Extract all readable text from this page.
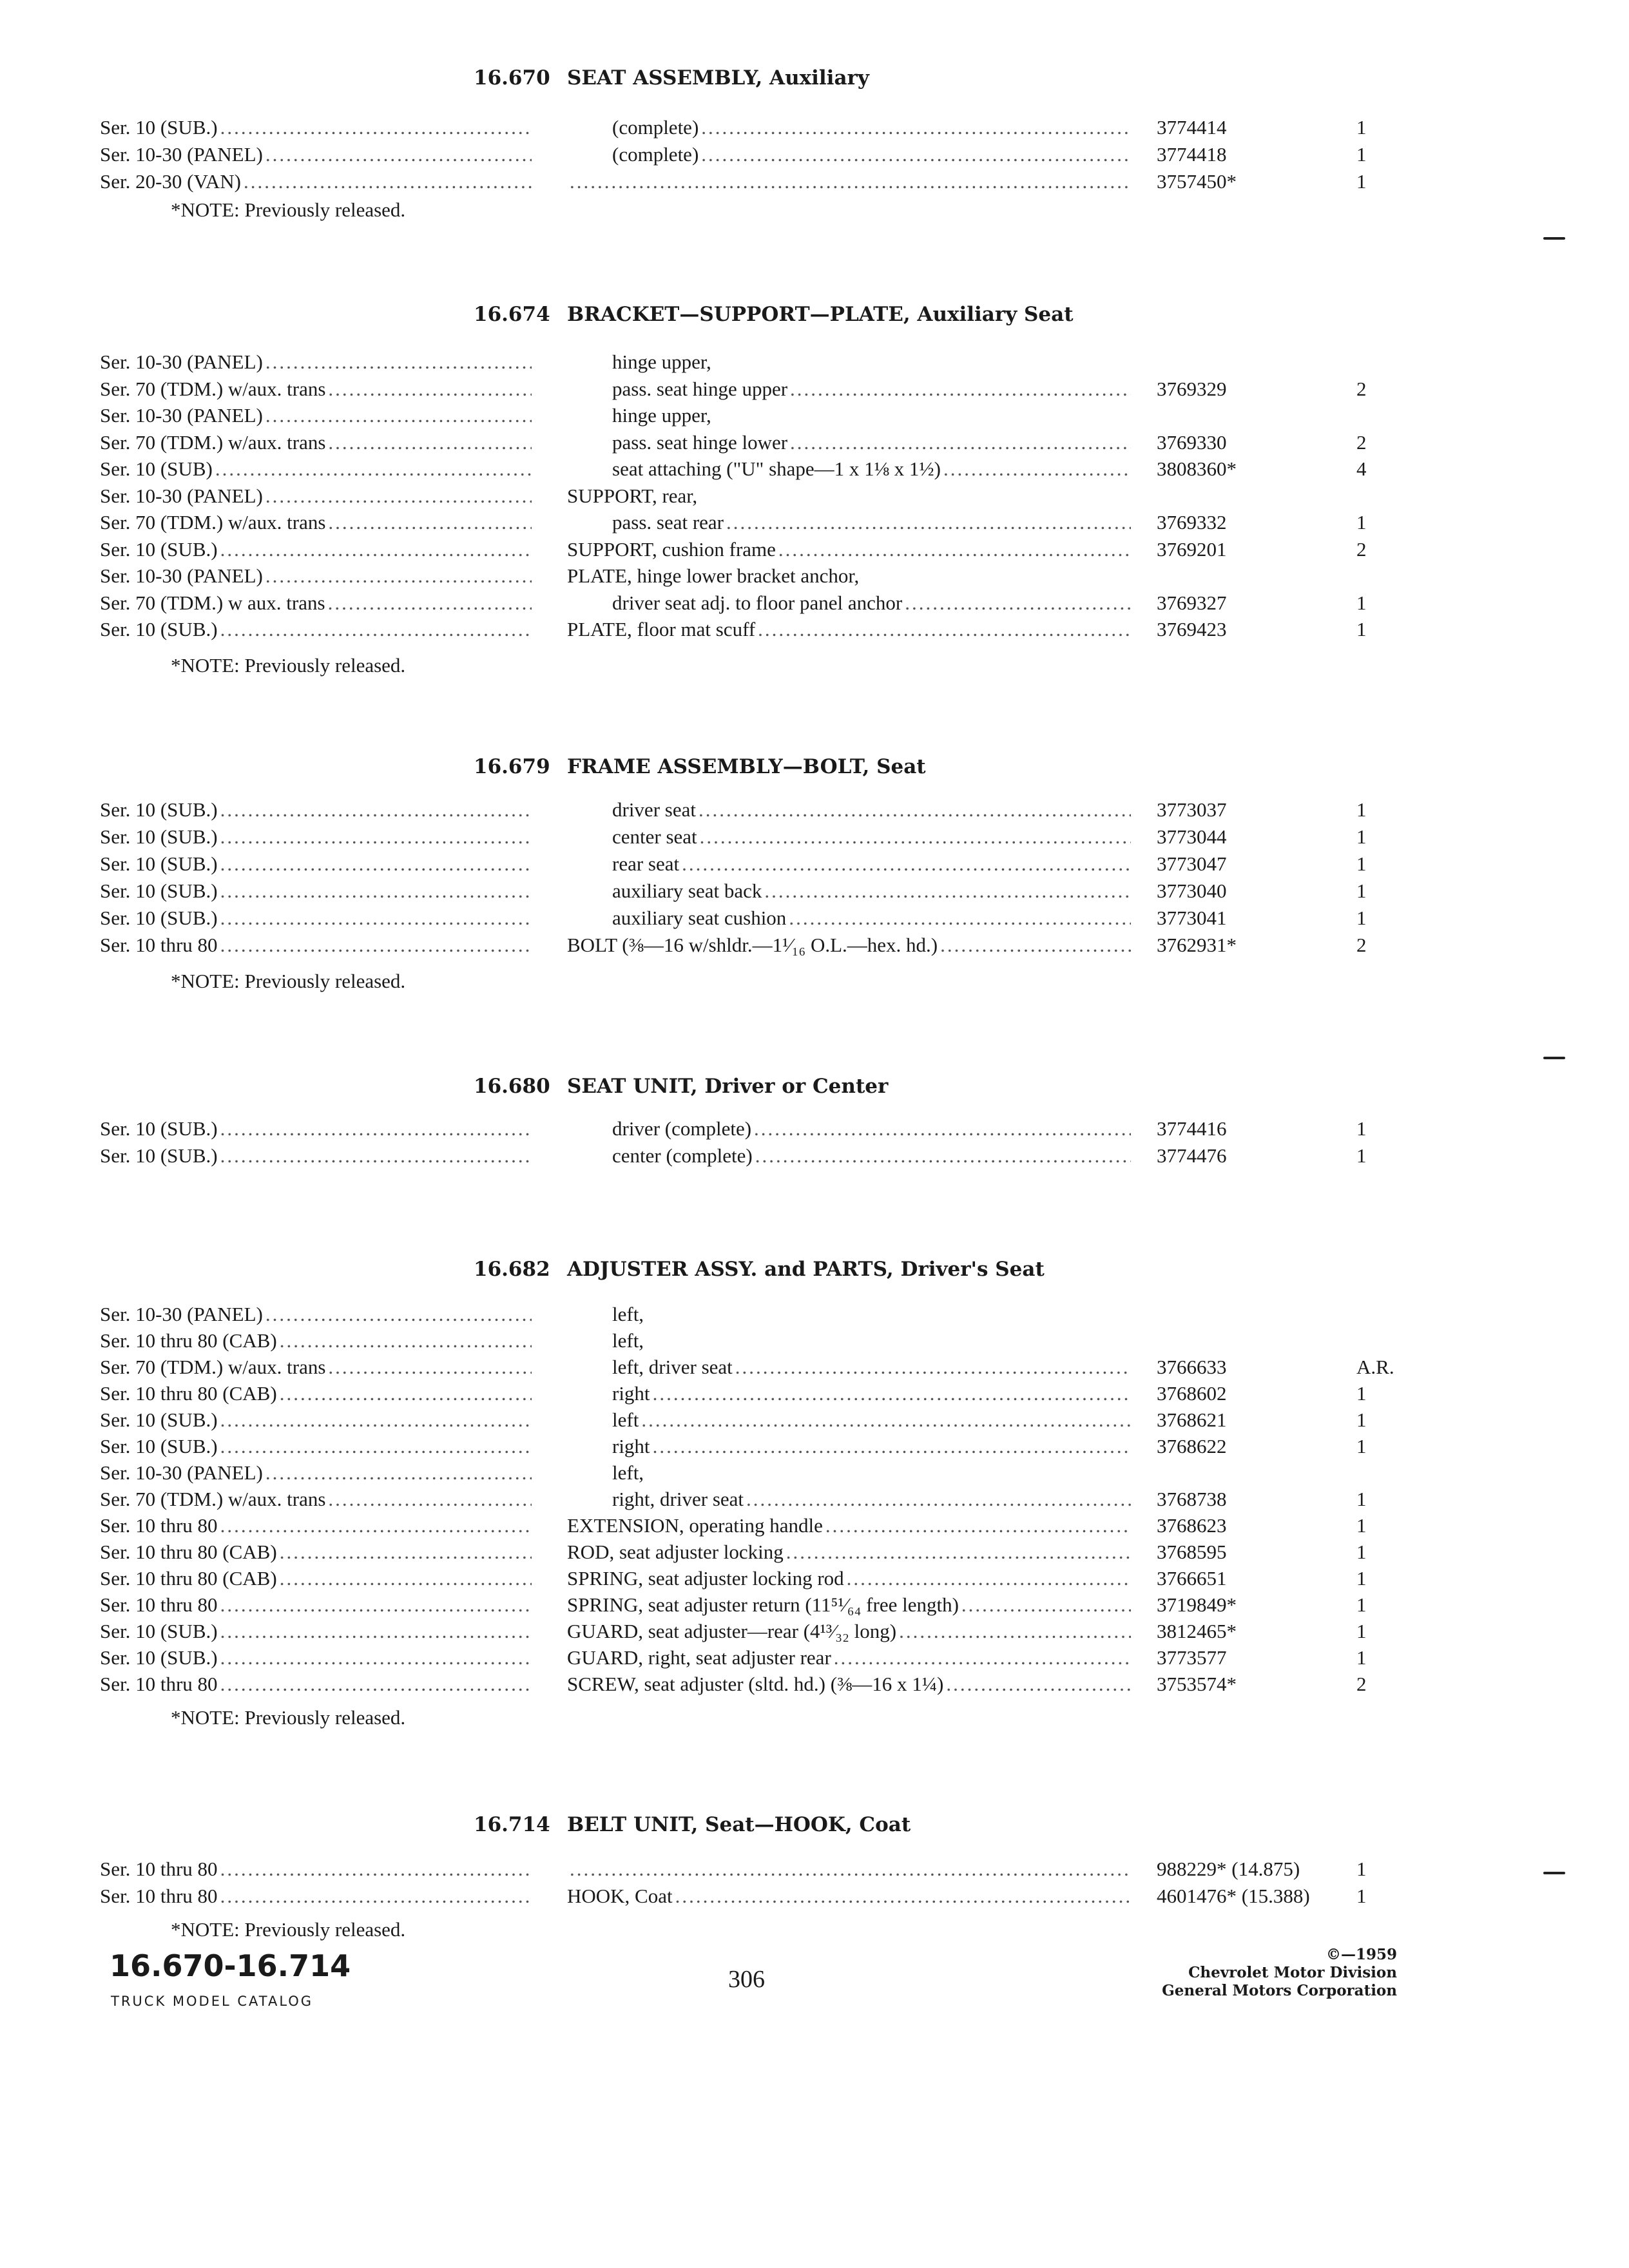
16.670 SEAT ASSEMBLY, Auxiliary
Ser. 10 (SUB.) .....	(complete) .....	3774414	1
Ser. 10-30 (PANEL) .....	(complete) .....	3774418	1
Ser. 20-30 (VAN) ..... .....	3757450*	1
*NOTE: Previously released.
16.674 BRACKET—SUPPORT—PLATE, Auxiliary Seat
Ser. 10-30 (PANEL) .....	hinge upper,
Ser. 70 (TDM.) w/aux. trans .....	pass. seat hinge upper .....	3769329	2
Ser. 10-30 (PANEL) .....	hinge upper,
Ser. 70 (TDM.) w/aux. trans .....	pass. seat hinge lower .....	3769330	2
Ser. 10 (SUB) .....	seat attaching ("U" shape—1 x 1⅛ x 1½) .....	3808360*	4
Ser. 10-30 (PANEL) .....	SUPPORT, rear,
Ser. 70 (TDM.) w/aux. trans .....	pass. seat rear .....	3769332	1
Ser. 10 (SUB.) .....	SUPPORT, cushion frame .....	3769201	2
Ser. 10-30 (PANEL) .....	PLATE, hinge lower bracket anchor,
Ser. 70 (TDM.) w aux. trans .....	driver seat adj. to floor panel anchor .....	3769327	1
Ser. 10 (SUB.) .....	PLATE, floor mat scuff .....	3769423	1
*NOTE: Previously released.
16.679 FRAME ASSEMBLY—BOLT, Seat
Ser. 10 (SUB.) .....	driver seat .....	3773037	1
Ser. 10 (SUB.) .....	center seat .....	3773044	1
Ser. 10 (SUB.) .....	rear seat .....	3773047	1
Ser. 10 (SUB.) .....	auxiliary seat back .....	3773040	1
Ser. 10 (SUB.) .....	auxiliary seat cushion .....	3773041	1
Ser. 10 thru 80 .....	BOLT (⅜—16 w/shldr.—1¹⁄₁₆ O.L.—hex. hd.) .....	3762931*	2
*NOTE: Previously released.
16.680 SEAT UNIT, Driver or Center
Ser. 10 (SUB.) .....	driver (complete) .....	3774416	1
Ser. 10 (SUB.) .....	center (complete) .....	3774476	1
16.682 ADJUSTER ASSY. and PARTS, Driver's Seat
Ser. 10-30 (PANEL) .....	left,
Ser. 10 thru 80 (CAB) .....	left,
Ser. 70 (TDM.) w/aux. trans .....	left, driver seat .....	3766633	A.R.
Ser. 10 thru 80 (CAB) .....	right .....	3768602	1
Ser. 10 (SUB.) .....	left .....	3768621	1
Ser. 10 (SUB.) .....	right .....	3768622	1
Ser. 10-30 (PANEL) .....	left,
Ser. 70 (TDM.) w/aux. trans .....	right, driver seat .....	3768738	1
Ser. 10 thru 80 .....	EXTENSION, operating handle .....	3768623	1
Ser. 10 thru 80 (CAB) .....	ROD, seat adjuster locking .....	3768595	1
Ser. 10 thru 80 (CAB) .....	SPRING, seat adjuster locking rod .....	3766651	1
Ser. 10 thru 80 .....	SPRING, seat adjuster return (11⁵¹⁄₆₄ free length) .....	3719849*	1
Ser. 10 (SUB.) .....	GUARD, seat adjuster—rear (4¹³⁄₃₂ long) .....	3812465*	1
Ser. 10 (SUB.) .....	GUARD, right, seat adjuster rear .....	3773577	1
Ser. 10 thru 80 .....	SCREW, seat adjuster (sltd. hd.) (⅜—16 x 1¼) .....	3753574*	2
*NOTE: Previously released.
16.714 BELT UNIT, Seat—HOOK, Coat
Ser. 10 thru 80 ..... .....	988229* (14.875)	1
Ser. 10 thru 80 .....	HOOK, Coat .....	4601476* (15.388) 1
*NOTE: Previously released.
16.670-16.714
TRUCK MODEL CATALOG
306
©—1959
Chevrolet Motor Division
General Motors Corporation
